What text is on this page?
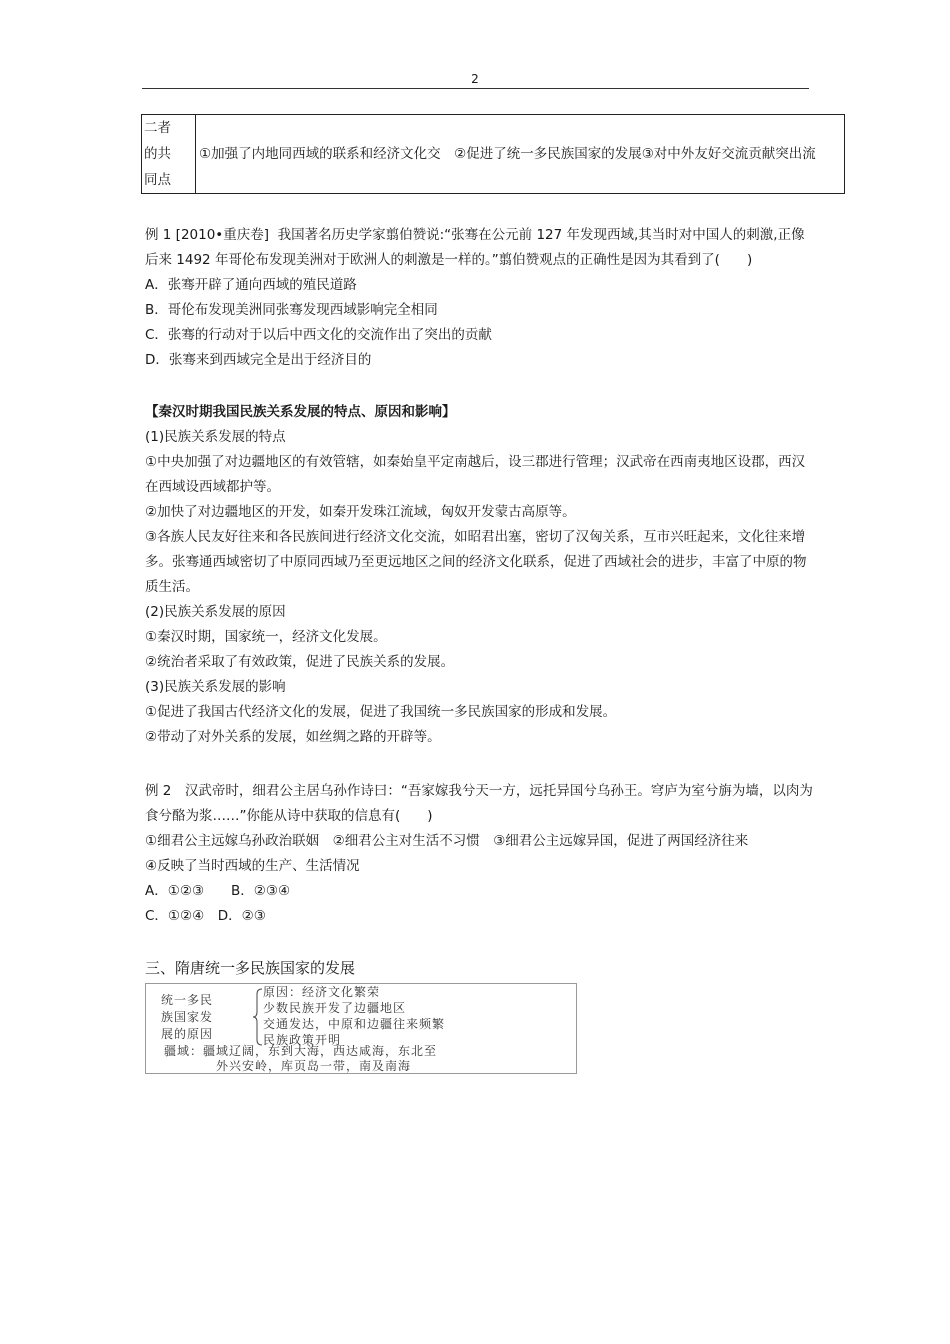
2
二者
的共
同点	①加强了内地同西域的联系和经济文化交　②促进了统一多民族国家的发展③对中外友好交流贡献突出流

例 1 [2010•重庆卷]  我国著名历史学家翦伯赞说:“张骞在公元前 127 年发现西域,其当时对中国人的刺激,正像后来 1492 年哥伦布发现美洲对于欧洲人的刺激是一样的。”翦伯赞观点的正确性是因为其看到了(　　)

A．张骞开辟了通向西域的殖民道路

B．哥伦布发现美洲同张骞发现西域影响完全相同

C．张骞的行动对于以后中西文化的交流作出了突出的贡献

D．张骞来到西域完全是出于经济目的

【秦汉时期我国民族关系发展的特点、原因和影响】

(1)民族关系发展的特点

①中央加强了对边疆地区的有效管辖，如秦始皇平定南越后，设三郡进行管理；汉武帝在西南夷地区设郡，西汉在西域设西域都护等。

②加快了对边疆地区的开发，如秦开发珠江流域，匈奴开发蒙古高原等。

③各族人民友好往来和各民族间进行经济文化交流，如昭君出塞，密切了汉匈关系，互市兴旺起来，文化往来增多。张骞通西域密切了中原同西域乃至更远地区之间的经济文化联系，促进了西域社会的进步，丰富了中原的物质生活。

(2)民族关系发展的原因

①秦汉时期，国家统一，经济文化发展。

②统治者采取了有效政策，促进了民族关系的发展。

(3)民族关系发展的影响

①促进了我国古代经济文化的发展，促进了我国统一多民族国家的形成和发展。

②带动了对外关系的发展，如丝绸之路的开辟等。

例 2　汉武帝时，细君公主居乌孙作诗曰：“吾家嫁我兮天一方，远托异国兮乌孙王。穹庐为室兮旃为墙，以肉为食兮酪为浆……”你能从诗中获取的信息有(　　)

①细君公主远嫁乌孙政治联姻　②细君公主对生活不习惯　③细君公主远嫁异国，促进了两国经济往来

④反映了当时西域的生产、生活情况

A．①②③　　B．②③④

C．①②④　D．②③

三、隋唐统一多民族国家的发展
统一多民
族国家发
展的原因
原因：经济文化繁荣
少数民族开发了边疆地区
交通发达，中原和边疆往来频繁
民族政策开明
疆域：疆域辽阔，东到大海，西达咸海，东北至
外兴安岭，库页岛一带，南及南海
